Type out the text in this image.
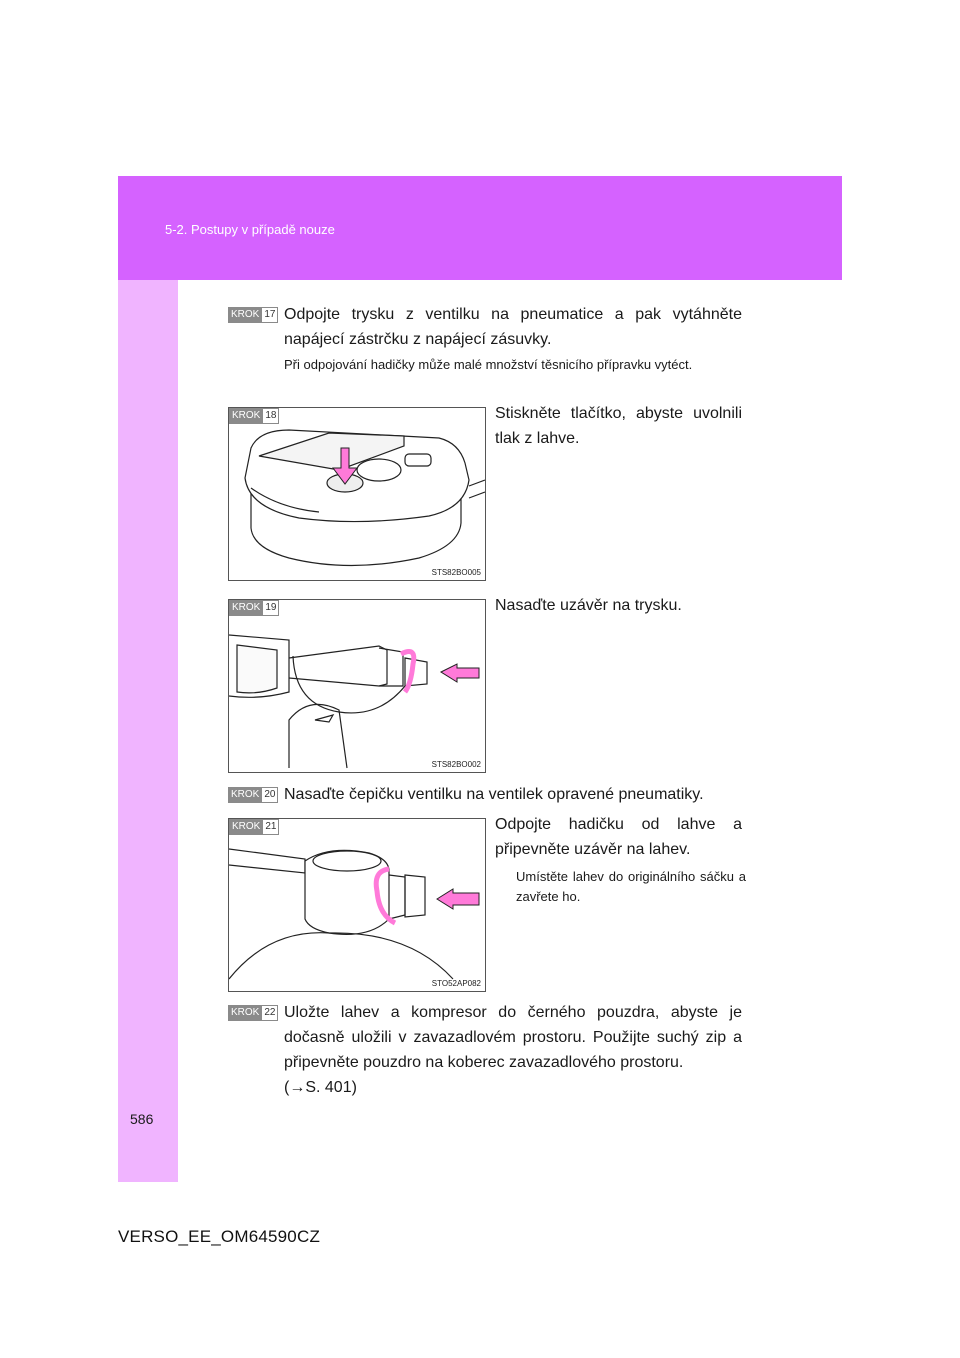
5-2. Postupy v případě nouze
586
VERSO_EE_OM64590CZ
KROK 17 Odpojte trysku z ventilku na pneumatice a pak vytáhněte napájecí zástrčku z napájecí zásuvky.
Při odpojování hadičky může malé množství těsnicího přípravku vytéct.
KROK 18
STS82BO005
Stiskněte tlačítko, abyste uvolnili tlak z lahve.
KROK 19
STS82BO002
Nasaďte uzávěr na trysku.
KROK 20 Nasaďte čepičku ventilku na ventilek opravené pneumatiky.
KROK 21
STO52AP082
Odpojte hadičku od lahve a připevněte uzávěr na lahev.
Umístěte lahev do originálního sáčku a zavřete ho.
KROK 22 Uložte lahev a kompresor do černého pouzdra, abyste je dočasně uložili v zavazadlovém prostoru. Použijte suchý zip a připevněte pouzdro na koberec zavazadlového prostoru.
(→S. 401)
